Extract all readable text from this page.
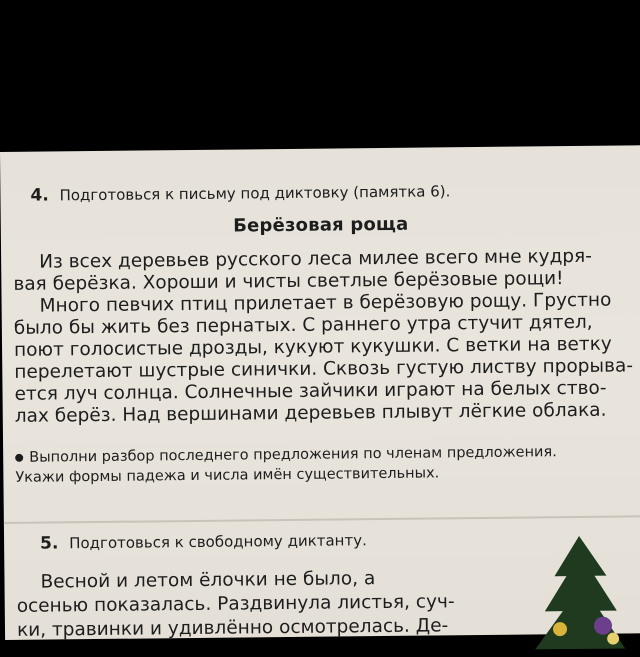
4. Подготовься к письму под диктовку (памятка 6).
Берёзовая роща
Из всех деревьев русского леса милее всего мне кудря-
вая берёзка. Хороши и чисты светлые берёзовые рощи!
Много певчих птиц прилетает в берёзовую рощу. Грустно
было бы жить без пернатых. С раннего утра стучит дятел,
поют голосистые дрозды, кукуют кукушки. С ветки на ветку
перелетают шустрые синички. Сквозь густую листву прорыва-
ется луч солнца. Солнечные зайчики играют на белых ство-
лах берёз. Над вершинами деревьев плывут лёгкие облака.
Выполни разбор последнего предложения по членам предложения.
Укажи формы падежа и числа имён существительных.
5. Подготовься к свободному диктанту.
Весной и летом ёлочки не было, а
осенью показалась. Раздвинула листья, суч-
ки, травинки и удивлённо осмотрелась. Де-
